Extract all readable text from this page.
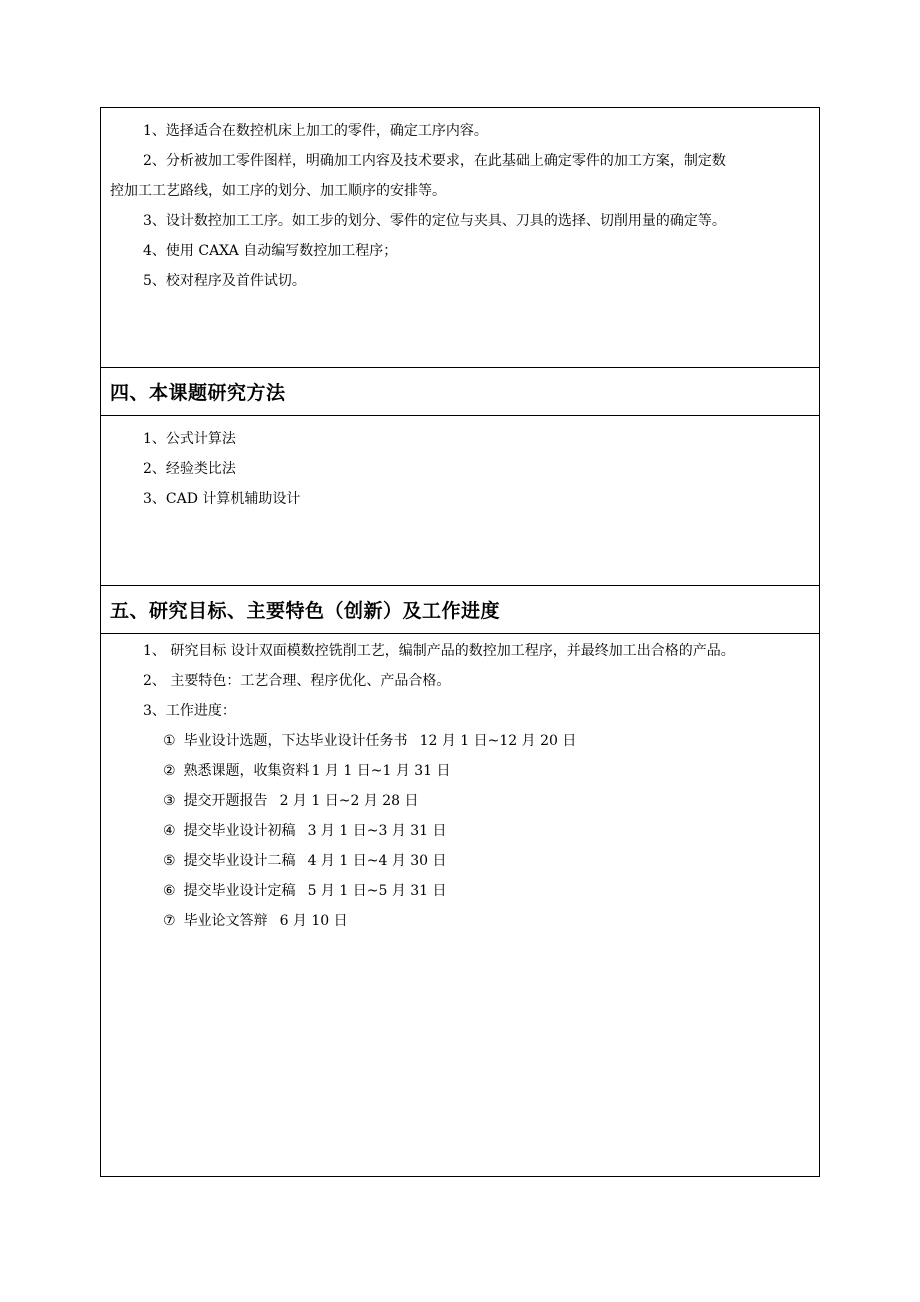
1、选择适合在数控机床上加工的零件，确定工序内容。

2、分析被加工零件图样，明确加工内容及技术要求，在此基础上确定零件的加工方案，制定数

控加工工艺路线，如工序的划分、加工顺序的安排等。

3、设计数控加工工序。如工步的划分、零件的定位与夹具、刀具的选择、切削用量的确定等。

4、使用 CAXA 自动编写数控加工程序；

5、校对程序及首件试切。

四、本课题研究方法

1、公式计算法

2、经验类比法

3、CAD 计算机辅助设计

五、研究目标、主要特色（创新）及工作进度

1、 研究目标 设计双面模数控铣削工艺，编制产品的数控加工程序，并最终加工出合格的产品。

2、 主要特色：工艺合理、程序优化、产品合格。

3、工作进度：

① 毕业设计选题，下达毕业设计任务书 12 月 1 日~12 月 20 日

② 熟悉课题，收集资料 1 月 1 日~1 月 31 日

③ 提交开题报告 2 月 1 日~2 月 28 日

④ 提交毕业设计初稿 3 月 1 日~3 月 31 日

⑤ 提交毕业设计二稿 4 月 1 日~4 月 30 日

⑥ 提交毕业设计定稿 5 月 1 日~5 月 31 日

⑦ 毕业论文答辩 6 月 10 日
